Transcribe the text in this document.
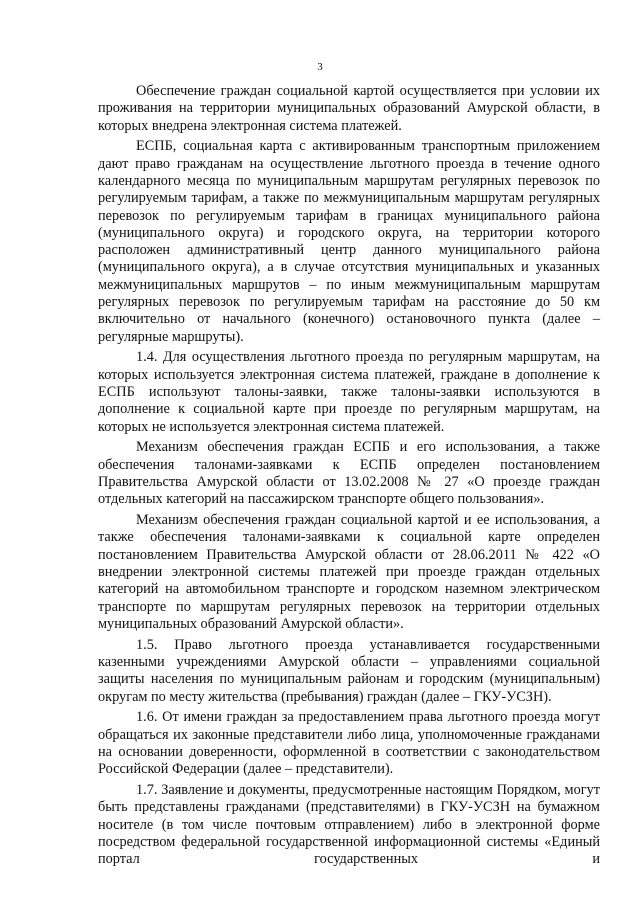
3

Обеспечение граждан социальной картой осуществляется при условии их проживания на территории муниципальных образований Амурской области, в которых внедрена электронная система платежей.

ЕСПБ, социальная карта с активированным транспортным приложением дают право гражданам на осуществление льготного проезда в течение одного календарного месяца по муниципальным маршрутам регулярных перевозок по регулируемым тарифам, а также по межмуниципальным маршрутам регулярных перевозок по регулируемым тарифам в границах муниципального района (муниципального округа) и городского округа, на территории которого расположен административный центр данного муниципального района (муниципального округа), а в случае отсутствия муниципальных и указанных межмуниципальных маршрутов – по иным межмуниципальным маршрутам регулярных перевозок по регулируемым тарифам на расстояние до 50 км включительно от начального (конечного) остановочного пункта (далее – регулярные маршруты).

1.4. Для осуществления льготного проезда по регулярным маршрутам, на которых используется электронная система платежей, граждане в дополнение к ЕСПБ используют талоны-заявки, также талоны-заявки используются в дополнение к социальной карте при проезде по регулярным маршрутам, на которых не используется электронная система платежей.

Механизм обеспечения граждан ЕСПБ и его использования, а также обеспечения талонами-заявками к ЕСПБ определен постановлением Правительства Амурской области от 13.02.2008 № 27 «О проезде граждан отдельных категорий на пассажирском транспорте общего пользования».

Механизм обеспечения граждан социальной картой и ее использования, а также обеспечения талонами-заявками к социальной карте определен постановлением Правительства Амурской области от 28.06.2011 № 422 «О внедрении электронной системы платежей при проезде граждан отдельных категорий на автомобильном транспорте и городском наземном электрическом транспорте по маршрутам регулярных перевозок на территории отдельных муниципальных образований Амурской области».

1.5. Право льготного проезда устанавливается государственными казенными учреждениями Амурской области – управлениями социальной защиты населения по муниципальным районам и городским (муниципальным) округам по месту жительства (пребывания) граждан (далее – ГКУ-УСЗН).

1.6. От имени граждан за предоставлением права льготного проезда могут обращаться их законные представители либо лица, уполномоченные гражданами на основании доверенности, оформленной в соответствии с законодательством Российской Федерации (далее – представители).

1.7. Заявление и документы, предусмотренные настоящим Порядком, могут быть представлены гражданами (представителями) в ГКУ-УСЗН на бумажном носителе (в том числе почтовым отправлением) либо в электронной форме посредством федеральной государственной информационной системы «Единый портал государственных и
